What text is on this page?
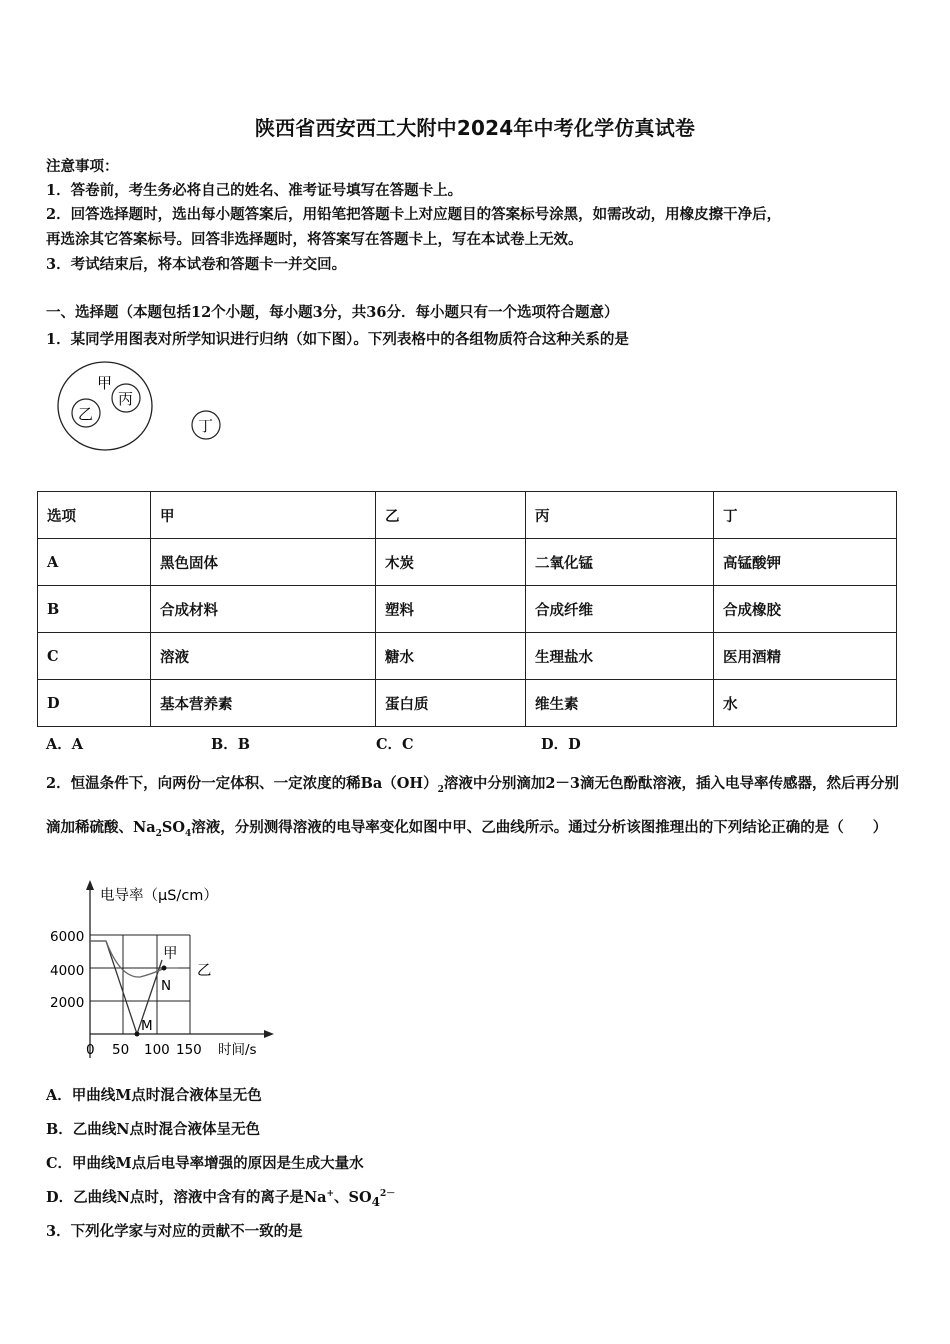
陕西省西安西工大附中2024年中考化学仿真试卷
注意事项：
1．答卷前，考生务必将自己的姓名、准考证号填写在答题卡上。
2．回答选择题时，选出每小题答案后，用铅笔把答题卡上对应题目的答案标号涂黑，如需改动，用橡皮擦干净后，
再选涂其它答案标号。回答非选择题时，将答案写在答题卡上，写在本试卷上无效。
3．考试结束后，将本试卷和答题卡一并交回。
一、选择题（本题包括12个小题，每小题3分，共36分．每小题只有一个选项符合题意）
1．某同学用图表对所学知识进行归纳（如下图）。下列表格中的各组物质符合这种关系的是
甲
乙
丙
丁
选项	甲	乙	丙	丁
A	黑色固体	木炭	二氧化锰	高锰酸钾
B	合成材料	塑料	合成纤维	合成橡胶
C	溶液	糖水	生理盐水	医用酒精
D	基本营养素	蛋白质	维生素	水
A．A	B．B	C．C	D．D
2．恒温条件下，向两份一定体积、一定浓度的稀$Ba(OH)_2$溶液中分别滴加2－3滴无色酚酞溶液，插入电导率传感器，然后再分别滴加稀硫酸、$Na_2SO_4$溶液，分别测得溶液的电导率变化如图中甲、乙曲线所示。通过分析该图推理出的下列结论正确的是（　　）
电导率（μS/cm）
时间/s
6000
4000
2000
0 50 100 150
甲
乙
M
N
A．甲曲线M点时混合液体呈无色
B．乙曲线N点时混合液体呈无色
C．甲曲线M点后电导率增强的原因是生成大量水
D．乙曲线N点时，溶液中含有的离子是Na+、$SO_4^{2-}$
3．下列化学家与对应的贡献不一致的是
